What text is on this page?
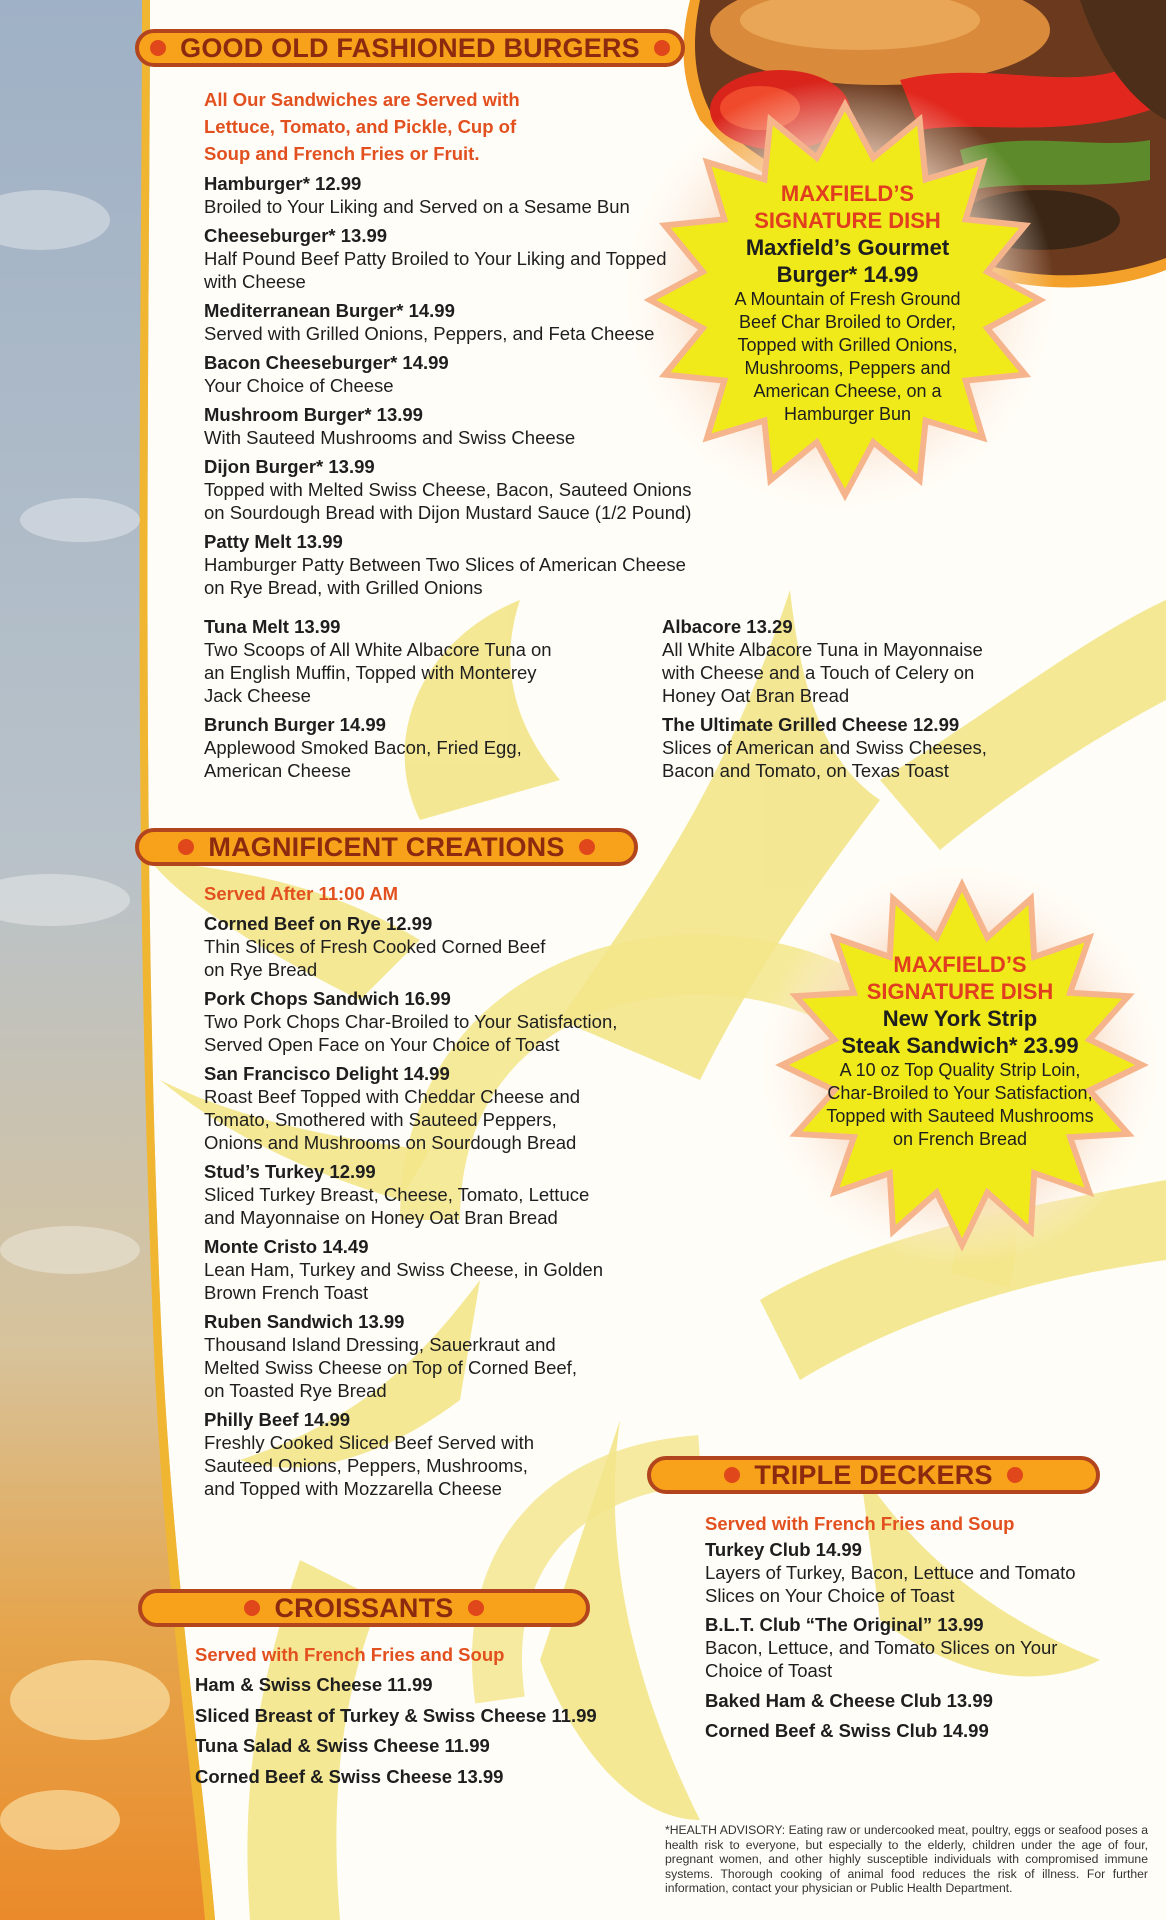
GOOD OLD FASHIONED BURGERS
All Our Sandwiches are Served with
Lettuce, Tomato, and Pickle, Cup of
Soup and French Fries or Fruit.
Hamburger* 12.99
Broiled to Your Liking and Served on a Sesame Bun
Cheeseburger* 13.99
Half Pound Beef Patty Broiled to Your Liking and Topped
with Cheese
Mediterranean Burger* 14.99
Served with Grilled Onions, Peppers, and Feta Cheese
Bacon Cheeseburger* 14.99
Your Choice of Cheese
Mushroom Burger* 13.99
With Sauteed Mushrooms and Swiss Cheese
Dijon Burger* 13.99
Topped with Melted Swiss Cheese, Bacon, Sauteed Onions
on Sourdough Bread with Dijon Mustard Sauce (1/2 Pound)
Patty Melt 13.99
Hamburger Patty Between Two Slices of American Cheese
on Rye Bread, with Grilled Onions
Tuna Melt 13.99
Two Scoops of All White Albacore Tuna on
an English Muffin, Topped with Monterey
Jack Cheese
Brunch Burger 14.99
Applewood Smoked Bacon, Fried Egg,
American Cheese
Albacore 13.29
All White Albacore Tuna in Mayonnaise
with Cheese and a Touch of Celery on
Honey Oat Bran Bread
The Ultimate Grilled Cheese 12.99
Slices of American and Swiss Cheeses,
Bacon and Tomato, on Texas Toast
MAXFIELD’S
SIGNATURE DISH
Maxfield’s Gourmet
Burger* 14.99
A Mountain of Fresh Ground
Beef Char Broiled to Order,
Topped with Grilled Onions,
Mushrooms, Peppers and
American Cheese, on a
Hamburger Bun
MAGNIFICENT CREATIONS
Served After 11:00 AM
Corned Beef on Rye 12.99
Thin Slices of Fresh Cooked Corned Beef
on Rye Bread
Pork Chops Sandwich 16.99
Two Pork Chops Char-Broiled to Your Satisfaction,
Served Open Face on Your Choice of Toast
San Francisco Delight 14.99
Roast Beef Topped with Cheddar Cheese and
Tomato, Smothered with Sauteed Peppers,
Onions and Mushrooms on Sourdough Bread
Stud’s Turkey 12.99
Sliced Turkey Breast, Cheese, Tomato, Lettuce
and Mayonnaise on Honey Oat Bran Bread
Monte Cristo 14.49
Lean Ham, Turkey and Swiss Cheese, in Golden
Brown French Toast
Ruben Sandwich 13.99
Thousand Island Dressing, Sauerkraut and
Melted Swiss Cheese on Top of Corned Beef,
on Toasted Rye Bread
Philly Beef 14.99
Freshly Cooked Sliced Beef Served with
Sauteed Onions, Peppers, Mushrooms,
and Topped with Mozzarella Cheese
MAXFIELD’S
SIGNATURE DISH
New York Strip
Steak Sandwich* 23.99
A 10 oz Top Quality Strip Loin,
Char-Broiled to Your Satisfaction,
Topped with Sauteed Mushrooms
on French Bread
TRIPLE DECKERS
Served with French Fries and Soup
Turkey Club 14.99
Layers of Turkey, Bacon, Lettuce and Tomato
Slices on Your Choice of Toast
B.L.T. Club “The Original” 13.99
Bacon, Lettuce, and Tomato Slices on Your
Choice of Toast
Baked Ham & Cheese Club 13.99
Corned Beef & Swiss Club 14.99
CROISSANTS
Served with French Fries and Soup
Ham & Swiss Cheese 11.99
Sliced Breast of Turkey & Swiss Cheese 11.99
Tuna Salad & Swiss Cheese 11.99
Corned Beef & Swiss Cheese 13.99
*HEALTH ADVISORY: Eating raw or undercooked meat, poultry, eggs or seafood poses a health risk to everyone, but especially to the elderly, children under the age of four, pregnant women, and other highly susceptible individuals with compromised immune systems. Thorough cooking of animal food reduces the risk of illness. For further information, contact your physician or Public Health Department.
